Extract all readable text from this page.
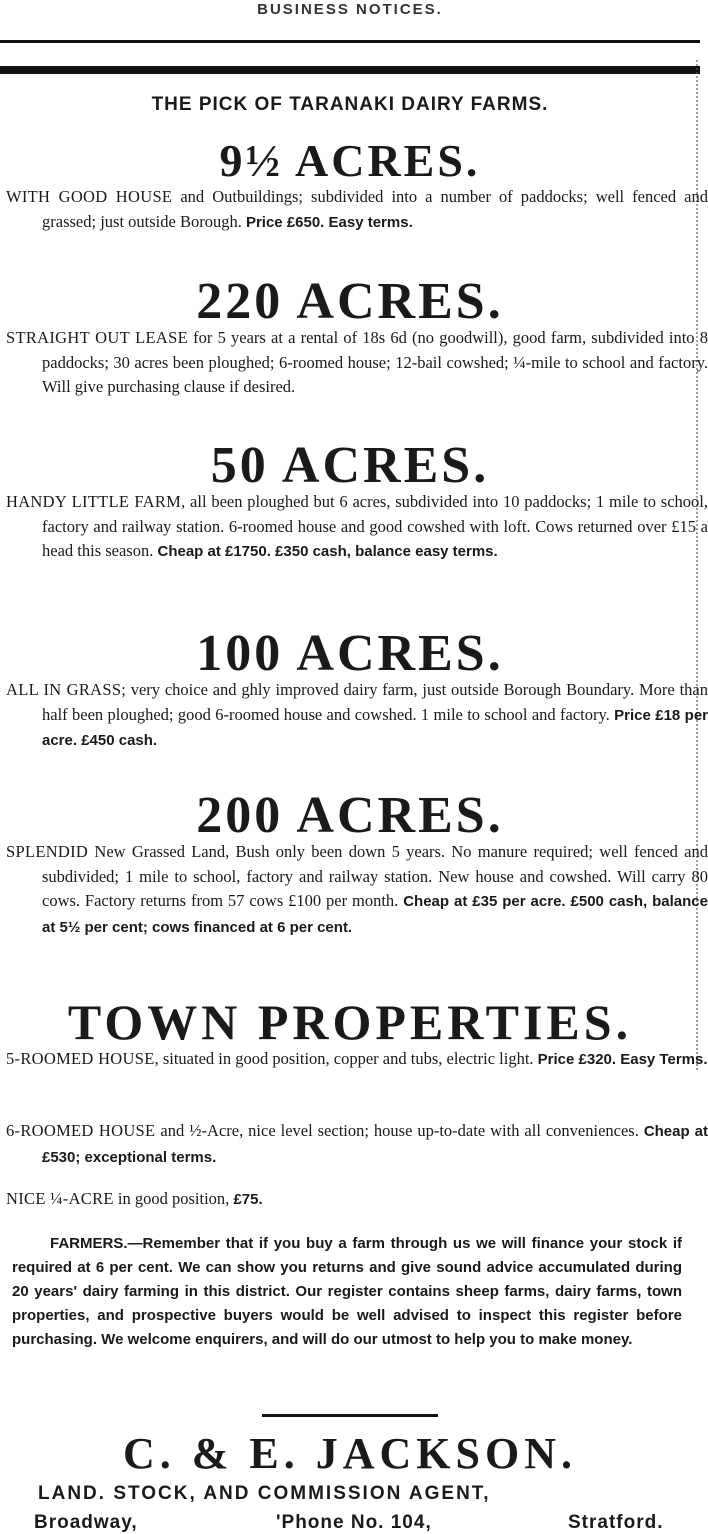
BUSINESS NOTICES.
THE PICK OF TARANAKI DAIRY FARMS.
9½ ACRES.
WITH GOOD HOUSE and Outbuildings; subdivided into a number of paddocks; well fenced and grassed; just outside Borough. Price £650. Easy terms.
220 ACRES.
STRAIGHT OUT LEASE for 5 years at a rental of 18s 6d (no goodwill), good farm, subdivided into 8 paddocks; 30 acres been ploughed; 6-roomed house; 12-bail cowshed; ¼-mile to school and factory. Will give purchasing clause if desired.
50 ACRES.
HANDY LITTLE FARM, all been ploughed but 6 acres, subdivided into 10 paddocks; 1 mile to school, factory and railway station. 6-roomed house and good cowshed with loft. Cows returned over £15 a head this season. Cheap at £1750. £350 cash, balance easy terms.
100 ACRES.
ALL IN GRASS; very choice and ghly improved dairy farm, just outside Borough Boundary. More than half been ploughed; good 6-roomed house and cowshed. 1 mile to school and factory. Price £18 per acre. £450 cash.
200 ACRES.
SPLENDID New Grassed Land, Bush only been down 5 years. No manure required; well fenced and subdivided; 1 mile to school, factory and railway station. New house and cowshed. Will carry 80 cows. Factory returns from 57 cows £100 per month. Cheap at £35 per acre. £500 cash, balance at 5½ per cent; cows financed at 6 per cent.
TOWN PROPERTIES.
5-ROOMED HOUSE, situated in good position, copper and tubs, electric light. Price £320. Easy Terms.
6-ROOMED HOUSE and ½-Acre, nice level section; house up-to-date with all conveniences. Cheap at £530; exceptional terms.
NICE ¼-ACRE in good position, £75.
FARMERS.—Remember that if you buy a farm through us we will finance your stock if required at 6 per cent. We can show you returns and give sound advice accumulated during 20 years' dairy farming in this district. Our register contains sheep farms, dairy farms, town properties, and prospective buyers would be well advised to inspect this register before purchasing. We welcome enquirers, and will do our utmost to help you to make money.
C. & E. JACKSON.
LAND. STOCK, AND COMMISSION AGENT,
Broadway,	'Phone No. 104,	Stratford.
